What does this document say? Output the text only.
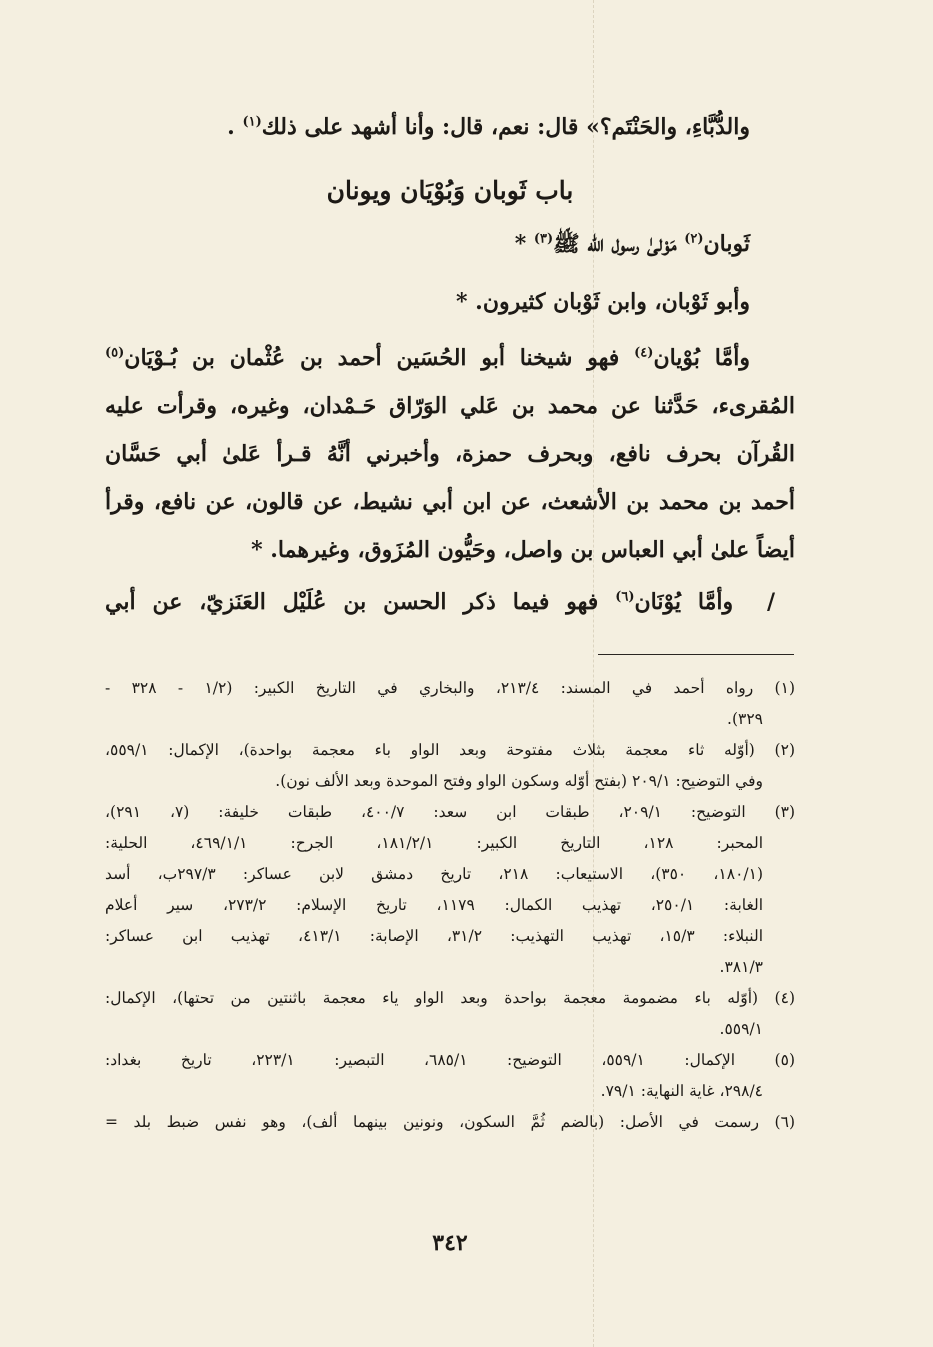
والدُّبَّاءِ، والحَنْتَم؟» قال: نعم، قال: وأنا أشهد على ذلك$^{(١)}$ .
باب ثَوبان وَبُوْيَان ويونان
ثَوبان$^{(٢)}$ مَوْلىٰ رسول الله ﷺ$^{(٣)}$ *
وأبو ثَوْبان، وابن ثَوْبان كثيرون. *
وأمَّا بُوْيان$^{(٤)}$ فهو شيخنا أبو الحُسَين أحمد بن عُثْمان بن بُـوْيَان$^{(٥)}$
المُقرىء، حَدَّثنا عن محمد بن عَلي الوَرّاق حَـمْدان، وغيره، وقرأت عليه
القُرآن بحرف نافع، وبحرف حمزة، وأخبرني أنَّهُ قـرأ عَلىٰ أبي حَسَّان
أحمد بن محمد بن الأشعث، عن ابن أبي نشيط، عن قالون، عن نافع، وقرأ
أيضاً علىٰ أبي العباس بن واصل، وحَيُّون المُزَوق، وغيرهما. *
/  وأمَّا يُوْنَان$^{(٦)}$ فهو فيما ذكر الحسن بن عُلَيْل العَنَزيّ، عن أبي
(١) رواه أحمد في المسند: ٢١٣/٤، والبخاري في التاريخ الكبير: (١/٢ - ٣٢٨ -
٣٢٩).
(٢) (أوّله ثاء معجمة بثلاث مفتوحة وبعد الواو باء معجمة بواحدة)، الإكمال: ٥٥٩/١،
وفي التوضيح: ٢٠٩/١ (بفتح أوّله وسكون الواو وفتح الموحدة وبعد الألف نون).
(٣) التوضيح: ٢٠٩/١، طبقات ابن سعد: ٤٠٠/٧، طبقات خليفة: (٧، ٢٩١)،
المحبر: ١٢٨، التاريخ الكبير: ١٨١/٢/١، الجرح: ٤٦٩/١/١، الحلية:
(١٨٠/١، ٣٥٠)، الاستيعاب: ٢١٨، تاريخ دمشق لابن عساكر: ٢٩٧/٣ب، أسد
الغابة: ٢٥٠/١، تهذيب الكمال: ١١٧٩، تاريخ الإسلام: ٢٧٣/٢، سير أعلام
النبلاء: ١٥/٣، تهذيب التهذيب: ٣١/٢، الإصابة: ٤١٣/١، تهذيب ابن عساكر:
٣٨١/٣.
(٤) (أوّله باء مضمومة معجمة بواحدة وبعد الواو ياء معجمة باثنتين من تحتها)، الإكمال:
٥٥٩/١.
(٥) الإكمال: ٥٥٩/١، التوضيح: ٦٨٥/١، التبصير: ٢٢٣/١، تاريخ بغداد:
٢٩٨/٤، غاية النهاية: ٧٩/١.
(٦) رسمت في الأصل: (بالضم ثُمَّ السكون، ونونين بينهما ألف)، وهو نفس ضبط بلد =
٣٤٢
